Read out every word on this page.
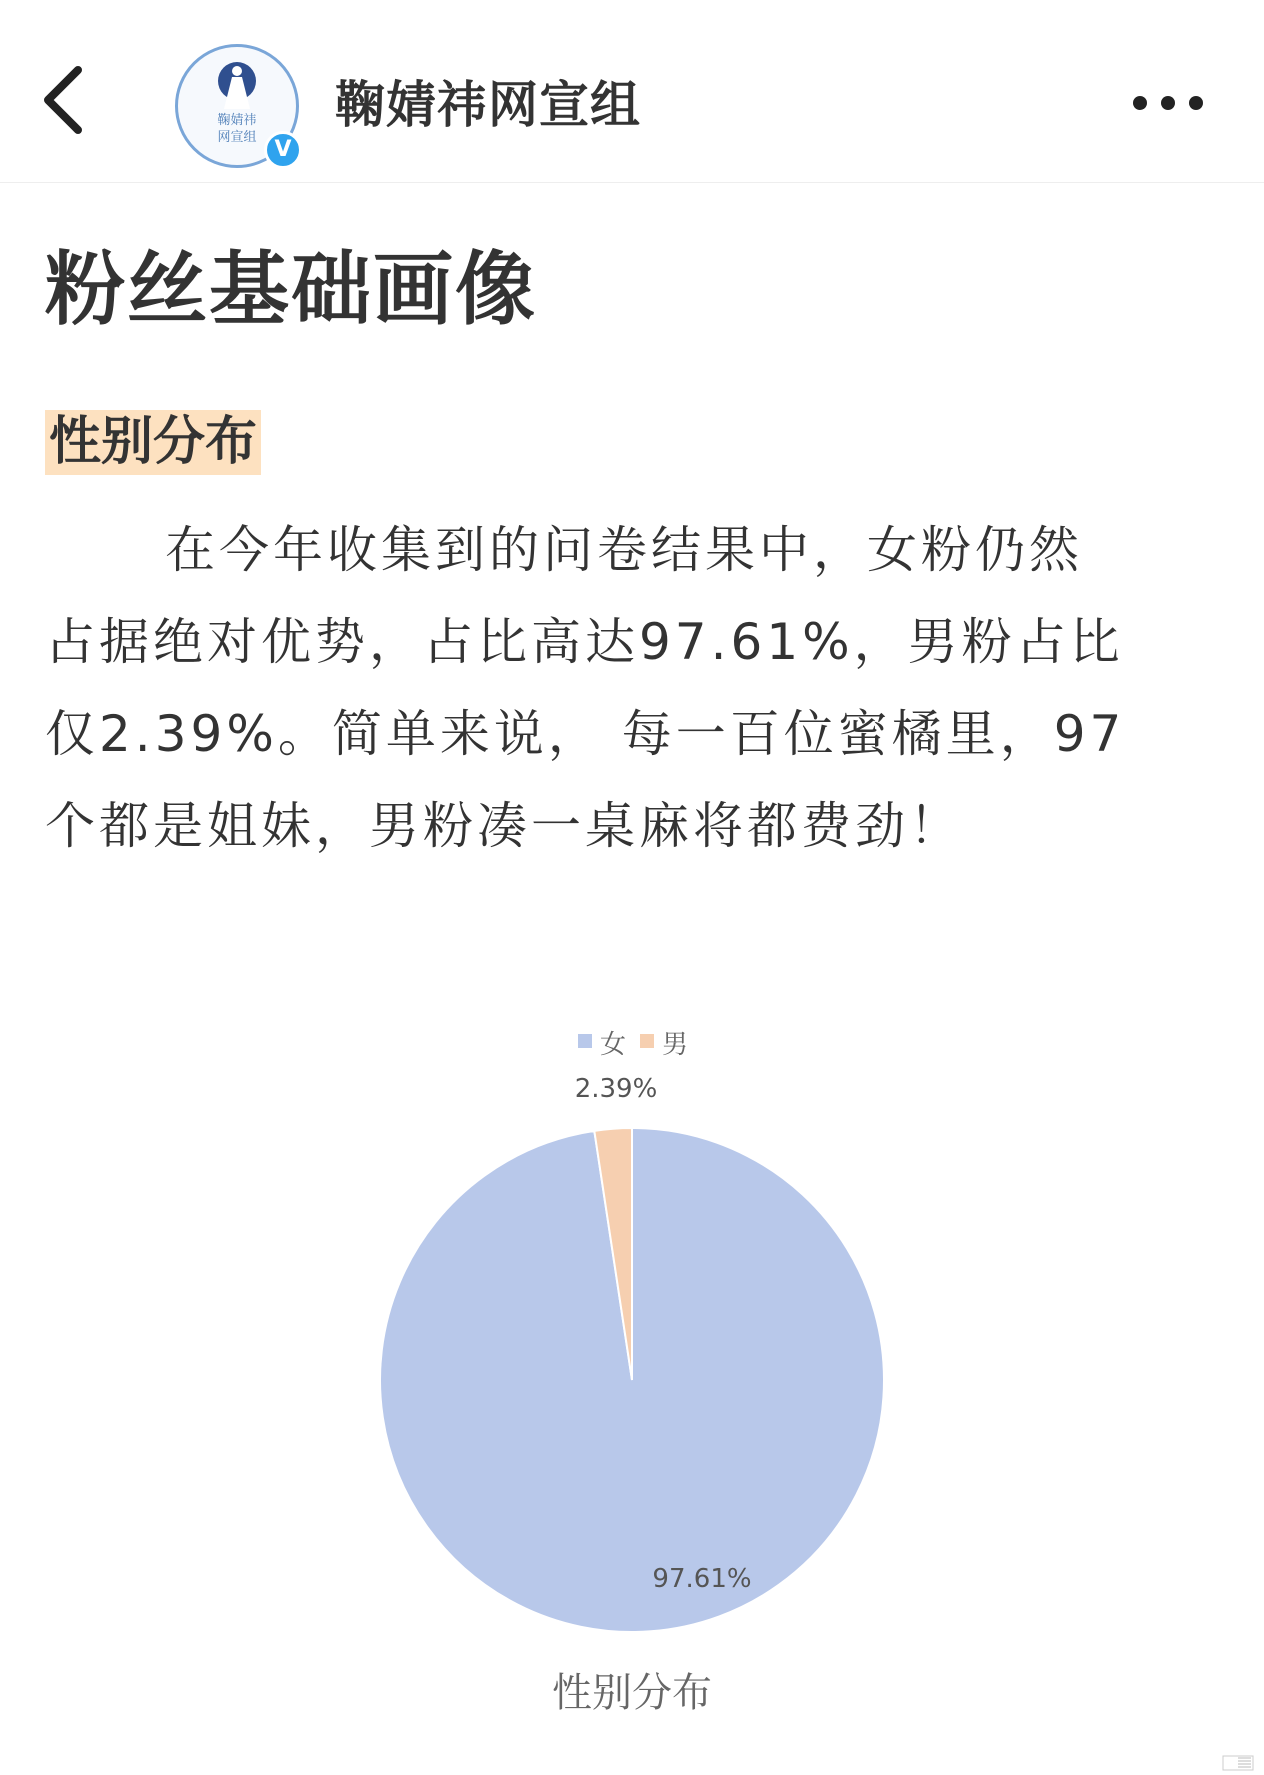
鞠婧祎
网宣组 V
鞠婧祎网宣组
粉丝基础画像
性别分布
在今年收集到的问卷结果中，女粉仍然
占据绝对优势，占比高达97.61%，男粉占比
仅2.39%。简单来说， 每一百位蜜橘里，97
个都是姐妹，男粉凑一桌麻将都费劲！
女 男
97.61%
2.39%
性别分布
